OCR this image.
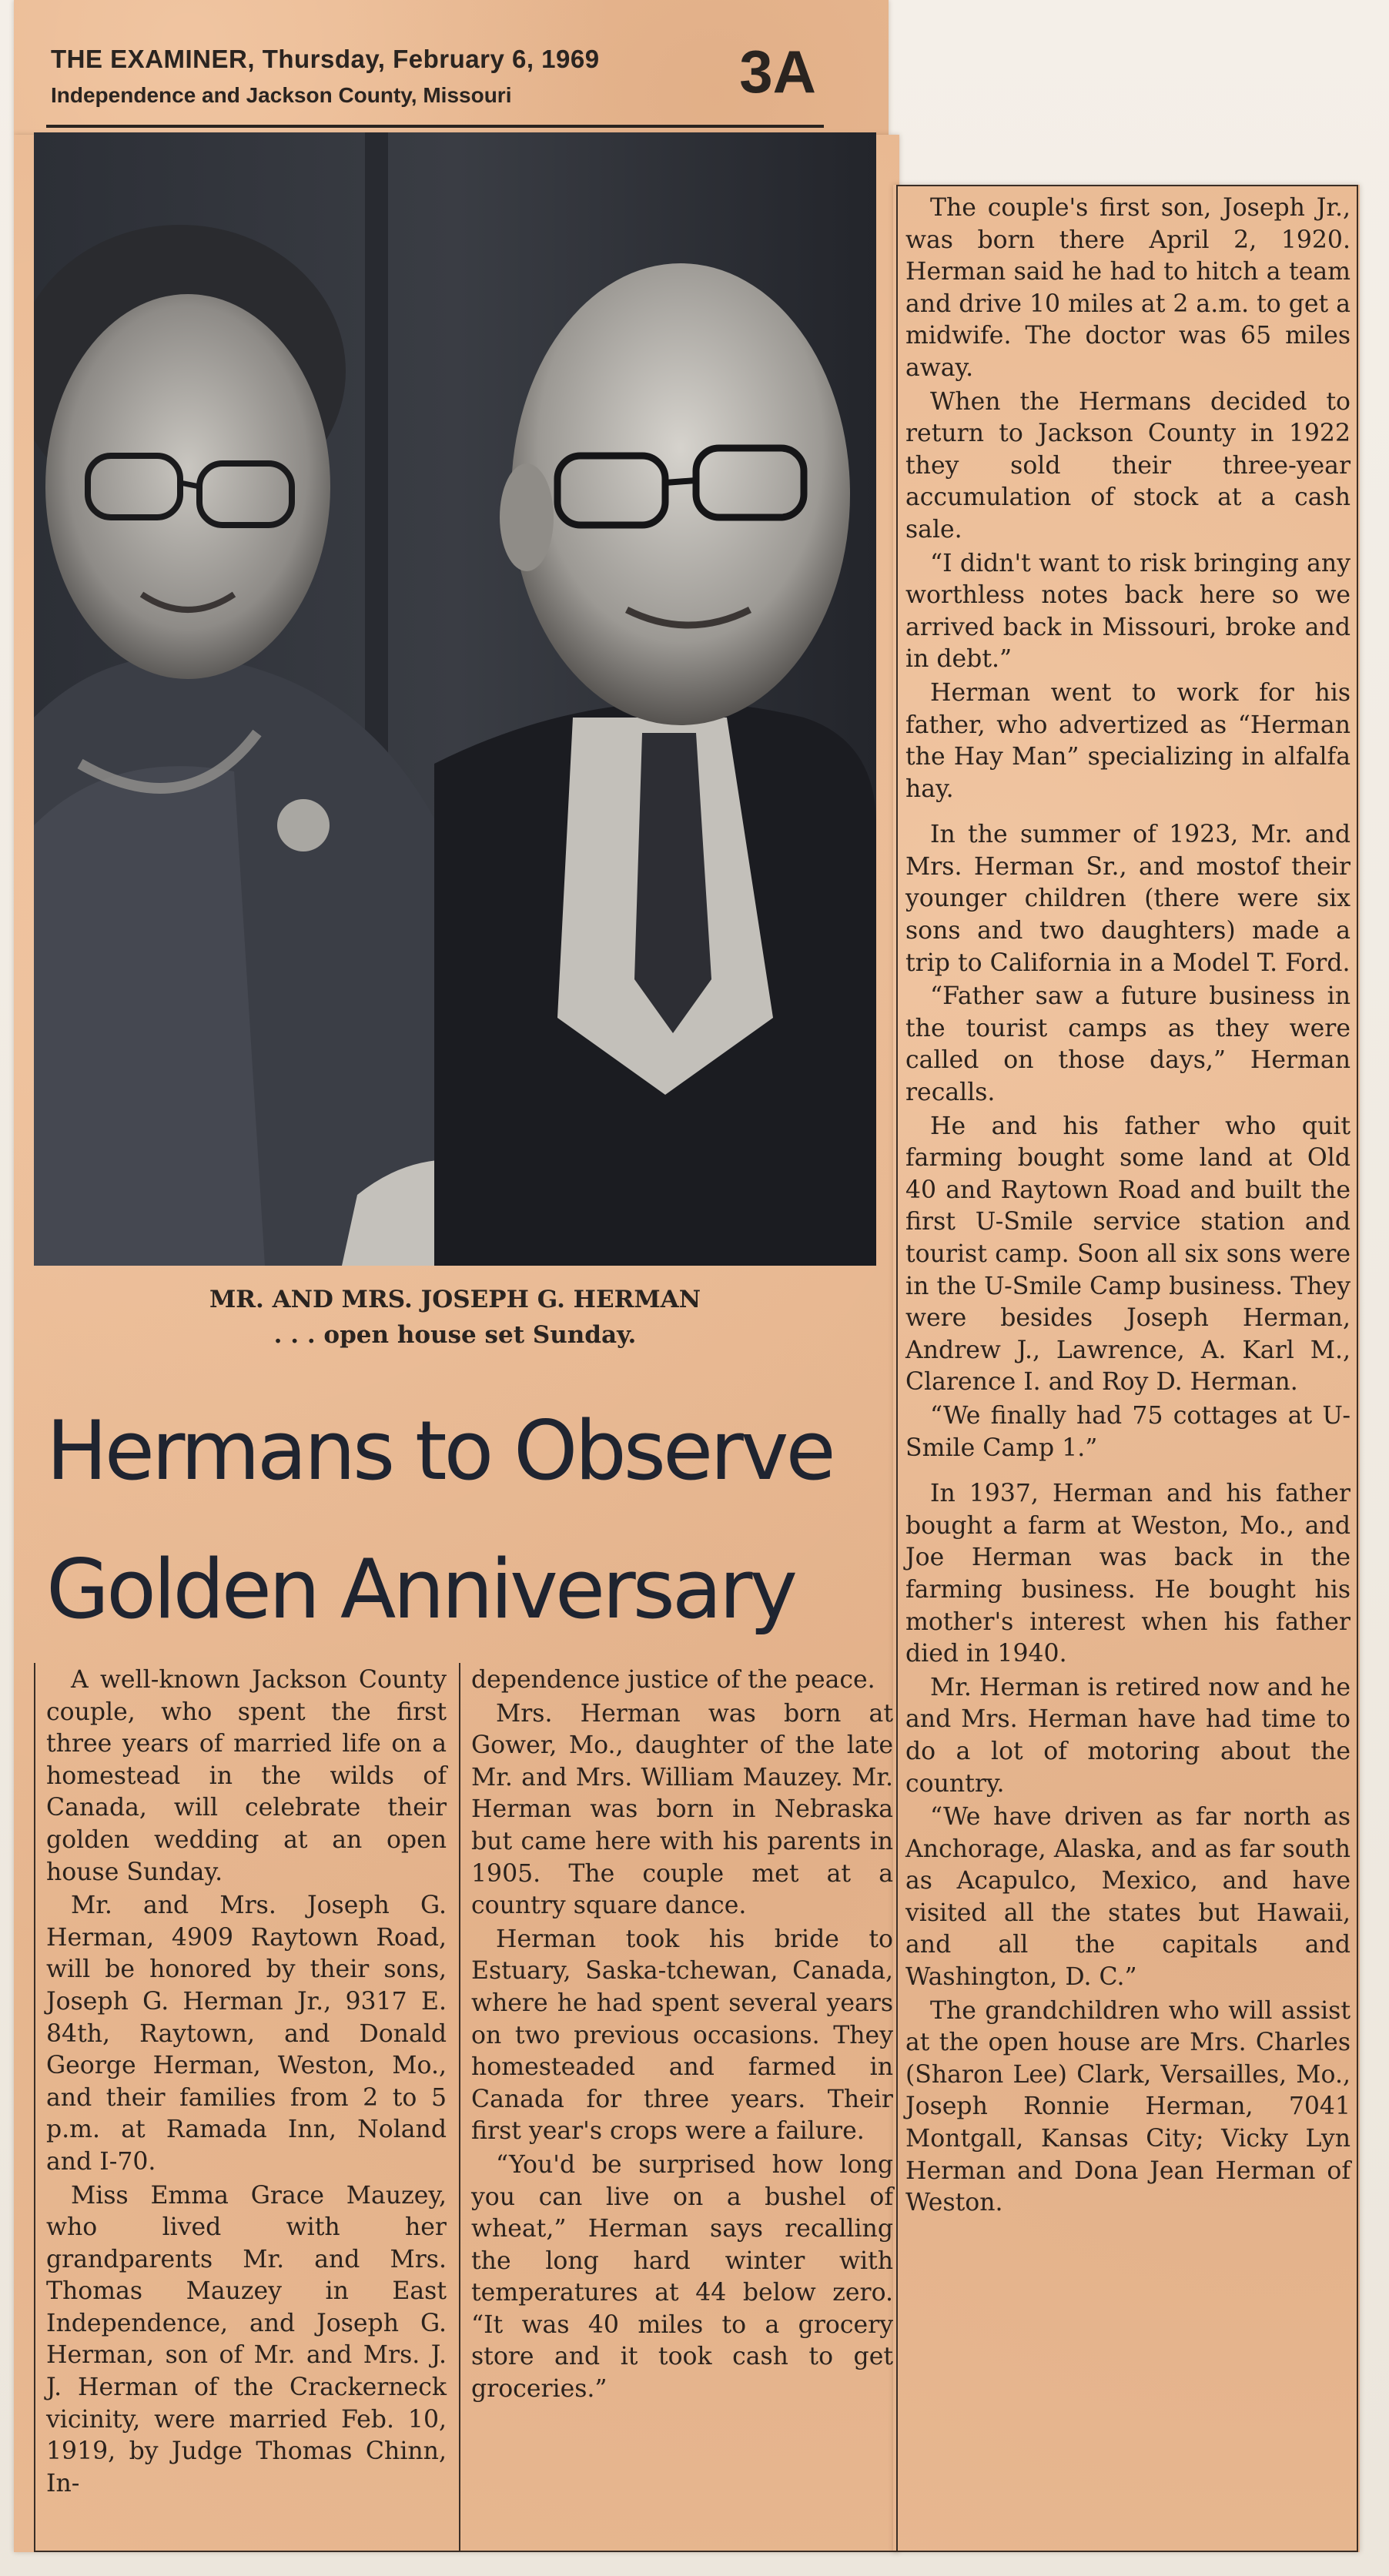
THE EXAMINER, Thursday, February 6, 1969
Independence and Jackson County, Missouri	3A
MR. AND MRS. JOSEPH G. HERMAN
. . . open house set Sunday.
Hermans to Observe
Golden Anniversary

A well-known Jackson County couple, who spent the first three years of married life on a homestead in the wilds of Canada, will celebrate their golden wedding at an open house Sunday.

Mr. and Mrs. Joseph G. Herman, 4909 Raytown Road, will be honored by their sons, Joseph G. Herman Jr., 9317 E. 84th, Raytown, and Donald George Herman, Weston, Mo., and their families from 2 to 5 p.m. at Ramada Inn, Noland and I-70.

Miss Emma Grace Mauzey, who lived with her grandparents Mr. and Mrs. Thomas Mauzey in East Independence, and Joseph G. Herman, son of Mr. and Mrs. J. J. Herman of the Crackerneck vicinity, were married Feb. 10, 1919, by Judge Thomas Chinn, In-

dependence justice of the peace.

Mrs. Herman was born at Gower, Mo., daughter of the late Mr. and Mrs. William Mauzey. Mr. Herman was born in Nebraska but came here with his parents in 1905. The couple met at a country square dance.

Herman took his bride to Estuary, Saska-tchewan, Canada, where he had spent several years on two previous occasions. They homesteaded and farmed in Canada for three years. Their first year's crops were a failure.

“You'd be surprised how long you can live on a bushel of wheat,” Herman says recalling the long hard winter with temperatures at 44 below zero. “It was 40 miles to a grocery store and it took cash to get groceries.”

The couple's first son, Joseph Jr., was born there April 2, 1920. Herman said he had to hitch a team and drive 10 miles at 2 a.m. to get a midwife. The doctor was 65 miles away.

When the Hermans decided to return to Jackson County in 1922 they sold their three-year accumulation of stock at a cash sale.

“I didn't want to risk bringing any worthless notes back here so we arrived back in Missouri, broke and in debt.”

Herman went to work for his father, who advertized as “Herman the Hay Man” specializing in alfalfa hay.

In the summer of 1923, Mr. and Mrs. Herman Sr., and mostof their younger children (there were six sons and two daughters) made a trip to California in a Model T. Ford.

“Father saw a future business in the tourist camps as they were called on those days,” Herman recalls.

He and his father who quit farming bought some land at Old 40 and Raytown Road and built the first U-Smile service station and tourist camp. Soon all six sons were in the U-Smile Camp business. They were besides Joseph Herman, Andrew J., Lawrence, A. Karl M., Clarence I. and Roy D. Herman.

“We finally had 75 cottages at U-Smile Camp 1.”

In 1937, Herman and his father bought a farm at Weston, Mo., and Joe Herman was back in the farming business. He bought his mother's interest when his father died in 1940.

Mr. Herman is retired now and he and Mrs. Herman have had time to do a lot of motoring about the country.

“We have driven as far north as Anchorage, Alaska, and as far south as Acapulco, Mexico, and have visited all the states but Hawaii, and all the capitals and Washington, D. C.”

The grandchildren who will assist at the open house are Mrs. Charles (Sharon Lee) Clark, Versailles, Mo., Joseph Ronnie Herman, 7041 Montgall, Kansas City; Vicky Lyn Herman and Dona Jean Herman of Weston.
